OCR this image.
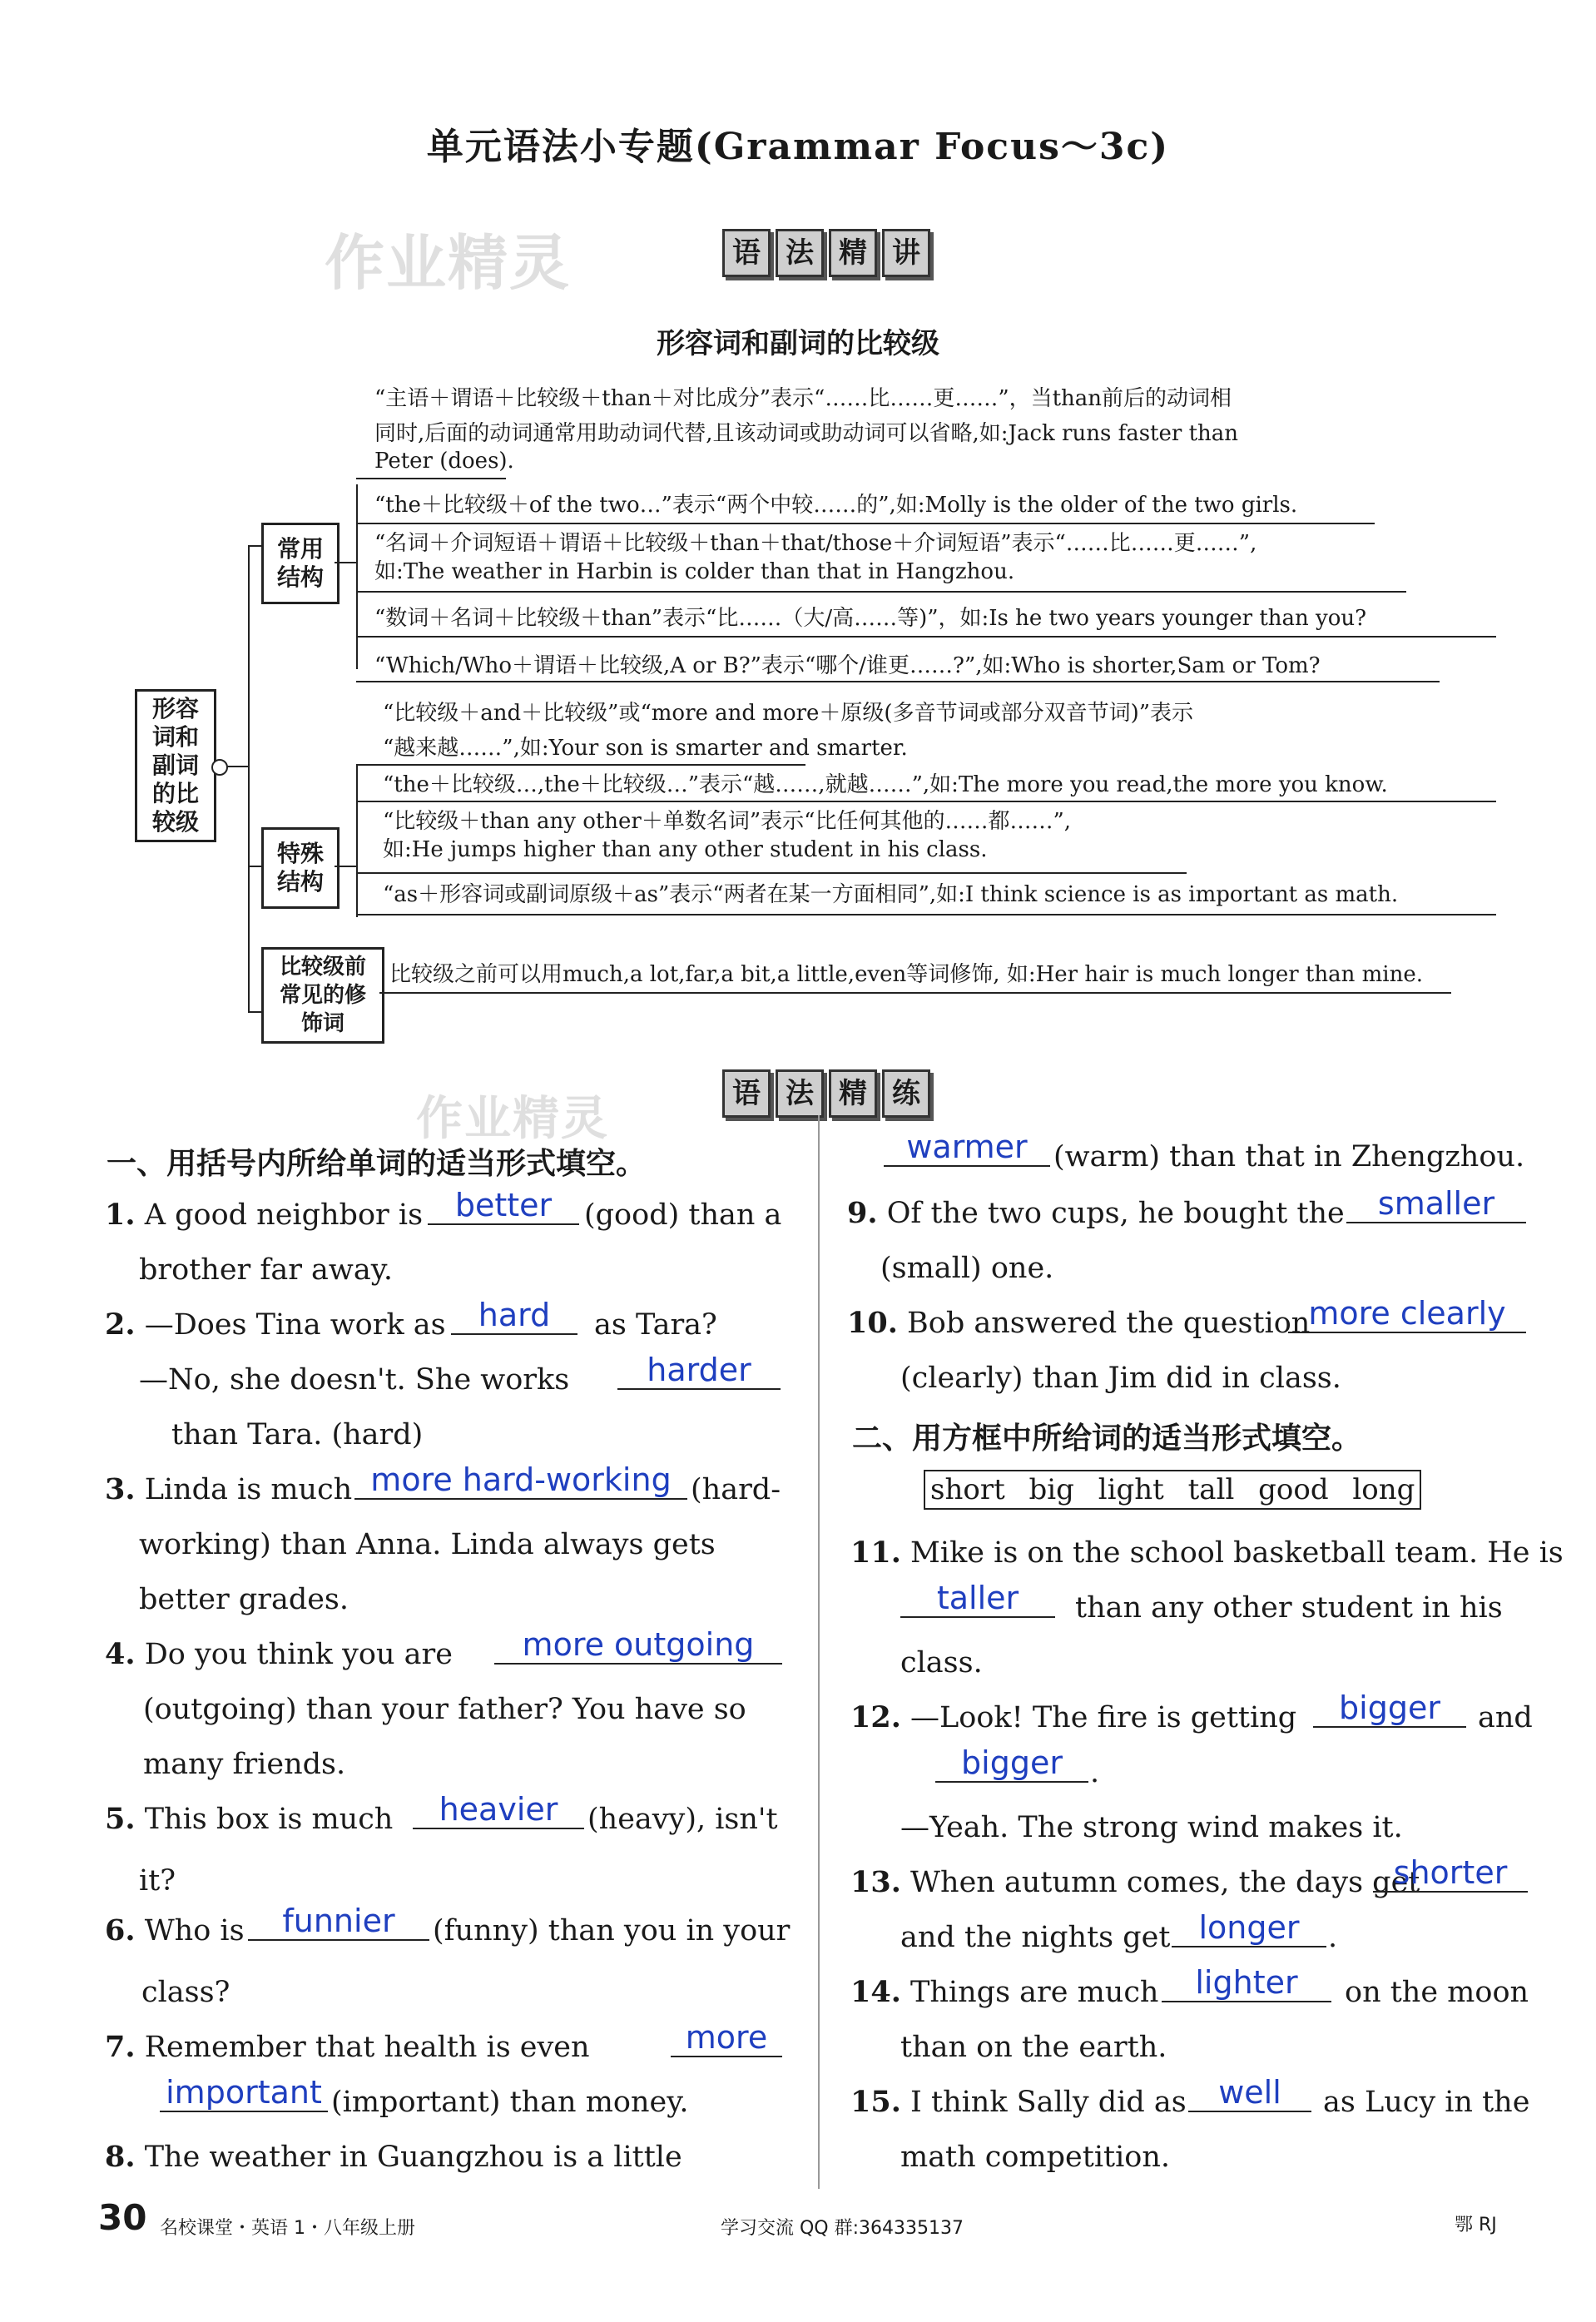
单元语法小专题(Grammar Focus～3c)
作业精灵
作业精灵
语 法 精 讲
形容词和副词的比较级
形容词和副词的比较级
常用结构
“主语＋谓语＋比较级＋than＋对比成分”表示“……比……更……”，当than前后的动词相
同时,后面的动词通常用助动词代替,且该动词或助动词可以省略,如:Jack runs faster than
Peter (does).
“the＋比较级＋of the two…”表示“两个中较……的”,如:Molly is the older of the two girls.
“名词＋介词短语＋谓语＋比较级＋than＋that/those＋介词短语”表示“……比……更……”,
如:The weather in Harbin is colder than that in Hangzhou.
“数词＋名词＋比较级＋than”表示“比……（大/高……等)”，如:Is he two years younger than you?
“Which/Who＋谓语＋比较级,A or B?”表示“哪个/谁更……?”,如:Who is shorter,Sam or Tom?
特殊结构
“比较级＋and＋比较级”或“more and more＋原级(多音节词或部分双音节词)”表示
“越来越……”,如:Your son is smarter and smarter.
“the＋比较级…,the＋比较级…”表示“越……,就越……”,如:The more you read,the more you know.
“比较级＋than any other＋单数名词”表示“比任何其他的……都……”,
如:He jumps higher than any other student in his class.
“as＋形容词或副词原级＋as”表示“两者在某一方面相同”,如:I think science is as important as math.
比较级前常见的修饰词
比较级之前可以用much,a lot,far,a bit,a little,even等词修饰, 如:Her hair is much longer than mine.
语 法 精 练
一、用括号内所给单词的适当形式填空。
1. A good neighbor is	better	(good) than a
brother far away.
2. —Does Tina work as	hard	as Tara?
—No, she doesn't. She works	harder
than Tara. (hard)
3. Linda is much more hard-working (hard-
working) than Anna. Linda always gets
better grades.
4. Do you think you are	more outgoing
(outgoing) than your father? You have so
many friends.
5. This box is much	heavier	(heavy), isn't
it?
6. Who is	funnier	(funny) than you in your
class?
7. Remember that health is even	more
important (important) than money.
8. The weather in Guangzhou is a little
warmer (warm) than that in Zhengzhou.
9. Of the two cups, he bought the	smaller
(small) one.
10. Bob answered the question
more clearly
(clearly) than Jim did in class.
二、用方框中所给词的适当形式填空。
short big light tall good long
11. Mike is on the school basketball team. He is
taller	than any other student in his
class.
12. —Look! The fire is getting	bigger	and
bigger .
—Yeah. The strong wind makes it.
13. When autumn comes, the days get
shorter
and the nights get longer .
14. Things are much	lighter	on the moon
than on the earth.
15. I think Sally did as	well	as Lucy in the
math competition.
30 名校课堂・英语 1・八年级上册	学习交流 QQ 群:364335137	鄂 RJ
